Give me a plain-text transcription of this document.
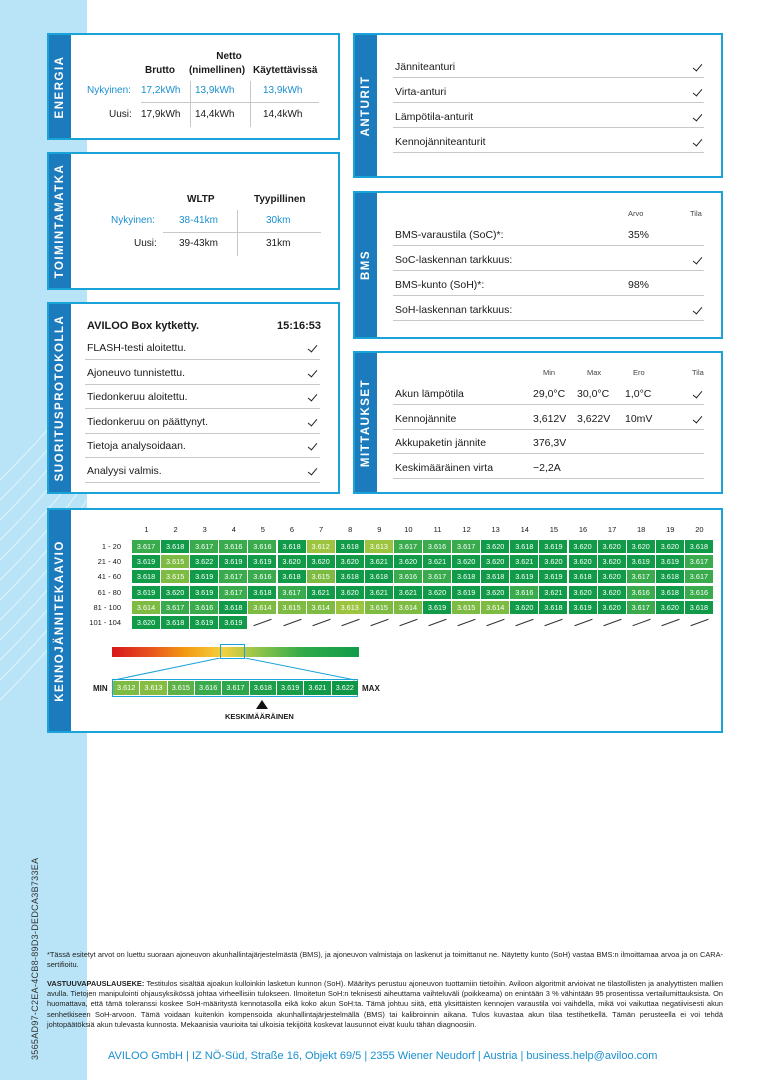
3565AD97-C2EA-4CB8-89D3-DEDCA3B733EA
ENERGIA	Brutto
Netto
(nimellinen) Käytettävissä
Nykyinen: 17,2kWh 13,9kWh	13,9kWh
Uusi: 17,9kWh 14,4kWh	14,4kWh
TOIMINTAMATKA	WLTP	Tyypillinen
Nykyinen: 38-41km	30km
Uusi: 39-43km	31km
SUORITUSPROTOKOLLA AVILOO Box kytketty.	15:16:53
FLASH-testi aloitettu.
Ajoneuvo tunnistettu.
Tiedonkeruu aloitettu.
Tiedonkeruu on päättynyt.
Tietoja analysoidaan.
Analyysi valmis.
ANTURIT
Jänniteanturi
Virta-anturi
Lämpötila-anturit
Kennojänniteanturit
BMS
Arvo	Tila
BMS-varaustila (SoC)*:	35%
SoC-laskennan tarkkuus:
BMS-kunto (SoH)*:	98%
SoH-laskennan tarkkuus:
MITTAUKSET
Min	Max	Ero	Tila
Akun lämpötila	29,0°C 30,0°C 1,0°C
Kennojännite	3,612V 3,622V 10mV
Akkupaketin jännite	376,3V
Keskimääräinen virta	−2,2A
KENNOJÄNNITEKAAVIO	MIN	MAX
3.612	3.613	3.615	3.616	3.617	3.618	3.619	3.621	3.622
KESKIMÄÄRÄINEN
1	2	3	4	5	6	7	8	9	10	11	12	13	14	15	16	17	18	19	20
1 - 20	3.617	3.618	3.617	3.616	3.616	3.618	3.612	3.618	3.613	3.617	3.616	3.617	3.620	3.618	3.619	3.620	3.620	3.620	3.620	3.618
21 - 40	3.619	3.615	3.622	3.619	3.619	3.620	3.620	3.620	3.621	3.620	3.621	3.620	3.620	3.621	3.620	3.620	3.620	3.619	3.619	3.617
41 - 60	3.618	3.615	3.619	3.617	3.616	3.618	3.615	3.618	3.618	3.616	3.617	3.618	3.618	3.619	3.619	3.618	3.620	3.617	3.618	3.617
61 - 80	3.619	3.620	3.619	3.617	3.618	3.617	3.621	3.620	3.621	3.621	3.620	3.619	3.620	3.616	3.621	3.620	3.620	3.616	3.618	3.616
81 - 100	3.614	3.617	3.616	3.618	3.614	3.615	3.614	3.613	3.615	3.614	3.619	3.615	3.614	3.620	3.618	3.619	3.620	3.617	3.620	3.618
101 - 104	3.620	3.618	3.619	3.619
*Tässä esitetyt arvot on luettu suoraan ajoneuvon akunhallintajärjestelmästä (BMS), ja ajoneuvon valmistaja on laskenut ja toimittanut ne. Näytetty kunto (SoH) vastaa BMS:n ilmoittamaa arvoa ja on CARA-sertifioitu.
VASTUUVAPAUSLAUSEKE: Testitulos sisältää ajoakun kulloinkin lasketun kunnon (SoH). Määritys perustuu ajoneuvon tuottamiin tietoihin. Aviloon algoritmit arvioivat ne tilastollisten ja analyyttisten mallien avulla. Tietojen manipulointi ohjausyksikössä johtaa virheellisiin tulokseen. Ilmoitetun SoH:n teknisesti aiheuttama vaihteluväli (poikkeama) on enintään 3 % vähintään 95 prosentissa vertailumittauksista. On huomattava, että tämä toleranssi koskee SoH-määritystä kennotasolla eikä koko akun SoH:ta. Tämä johtuu siitä, että yksittäisten kennojen varaustila voi vaihdella, mikä voi vaikuttaa negatiivisesti akun senhetkiseen SoH-arvoon. Tämä voidaan kuitenkin kompensoida akunhallintajärjestelmällä (BMS) tai kalibroinnin aikana. Tulos kuvastaa akun tilaa testihetkellä. Tämän perusteella ei voi tehdä johtopäätöksiä akun tulevasta kunnosta. Mekaanisia vaurioita tai ulkoisia tekijöitä koskevat lausunnot eivät kuulu tähän diagnoosiin.
AVILOO GmbH | IZ NÖ-Süd, Straße 16, Objekt 69/5 | 2355 Wiener Neudorf | Austria | business.help@aviloo.com
